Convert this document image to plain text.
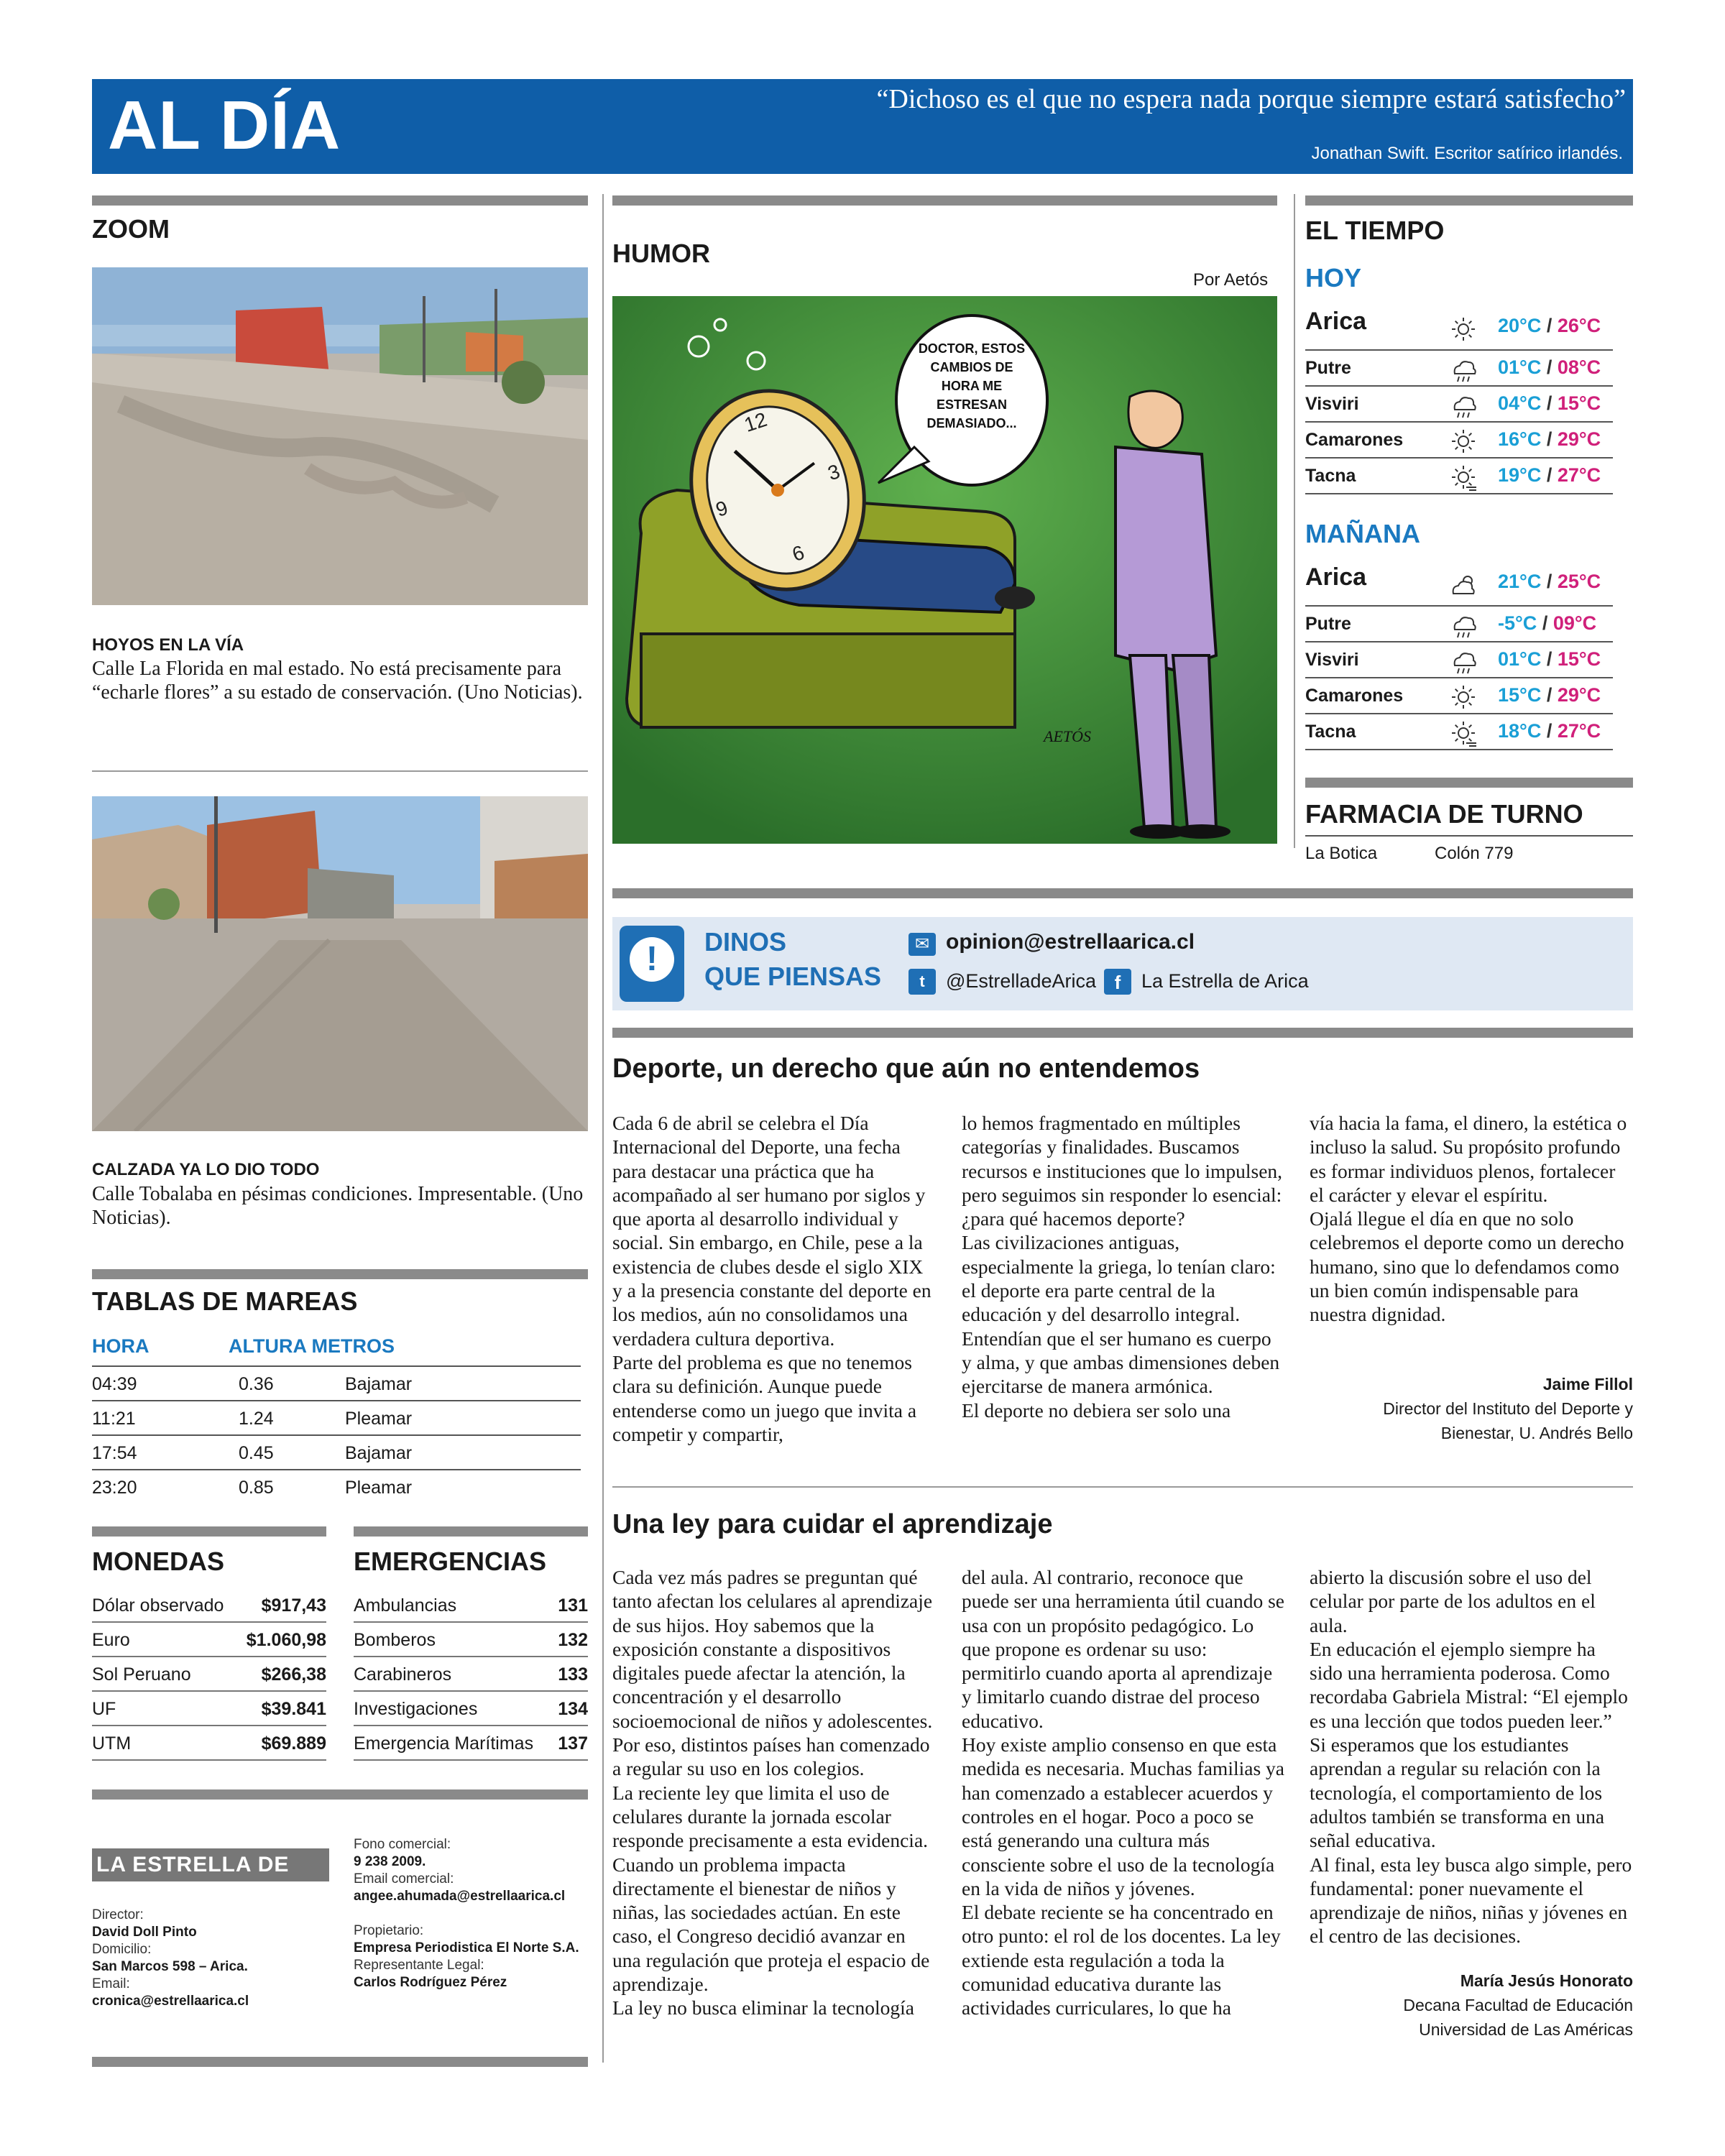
AL DÍA	“Dichoso es el que no espera nada porque siempre estará satisfecho”
Jonathan Swift. Escritor satírico irlandés.
ZOOM
HOYOS EN LA VÍA
Calle La Florida en mal estado. No está precisamente para “echarle flores” a su estado de conservación. (Uno Noticias).
CALZADA YA LO DIO TODO
Calle Tobalaba en pésimas condiciones. Impresentable. (Uno Noticias).
TABLAS DE MAREAS
HORA	ALTURA METROS
04:39	0.36	Bajamar
11:21	1.24	Pleamar
17:54	0.45	Bajamar
23:20	0.85	Pleamar
MONEDAS
Dólar observado $917,43
Euro	$1.060,98
Sol Peruano	$266,38
UF	$39.841
UTM	$69.889
EMERGENCIAS
Ambulancias	131
Bomberos	132
Carabineros	133
Investigaciones	134
Emergencia Marítimas 137
LA ESTRELLA DE ARICA
Director:
David Doll Pinto
Domicilio:
San Marcos 598 – Arica.
Email:
cronica@estrellaarica.cl
Fono comercial:
9 238 2009.
Email comercial:
angee.ahumada@estrellaarica.cl
Propietario:
Empresa Periodistica El Norte S.A.
Representante Legal:
Carlos Rodríguez Pérez
HUMOR
Por Aetós
12
3
6
9
DOCTOR, ESTOS CAMBIOS DE HORA ME ESTRESAN DEMASIADO...
AETÓS
EL TIEMPO
HOY
Arica	20°C / 26°C
Putre	01°C / 08°C
Visviri	04°C / 15°C
Camarones	16°C / 29°C
Tacna	19°C / 27°C
MAÑANA
Arica	21°C / 25°C
Putre	-5°C / 09°C
Visviri	01°C / 15°C
Camarones	15°C / 29°C
Tacna	18°C / 27°C
FARMACIA DE TURNO
La Botica	Colón 779
!	DINOS
QUE PIENSAS
✉ opinion@estrellaarica.cl
t	@EstrelladeArica f	La Estrella de Arica
Deporte, un derecho que aún no entendemos

Cada 6 de abril se celebra el Día Internacional del Deporte, una fecha para destacar una práctica que ha acompañado al ser humano por siglos y que aporta al desarrollo individual y social. Sin embargo, en Chile, pese a la existencia de clubes desde el siglo XIX y a la presencia constante del deporte en los medios, aún no consolidamos una verdadera cultura deportiva.

Parte del problema es que no tenemos clara su definición. Aunque puede entenderse como un juego que invita a competir y compartir,

lo hemos fragmentado en múltiples categorías y finalidades. Buscamos recursos e instituciones que lo impulsen, pero seguimos sin responder lo esencial: ¿para qué hacemos deporte?

Las civilizaciones antiguas, especialmente la griega, lo tenían claro: el deporte era parte central de la educación y del desarrollo integral. Entendían que el ser humano es cuerpo y alma, y que ambas dimensiones deben ejercitarse de manera armónica.

El deporte no debiera ser solo una

vía hacia la fama, el dinero, la estética o incluso la salud. Su propósito profundo es formar individuos plenos, fortalecer el carácter y elevar el espíritu.

Ojalá llegue el día en que no solo celebremos el deporte como un derecho humano, sino que lo defendamos como un bien común indispensable para nuestra dignidad.

Jaime Fillol
Director del Instituto del Deporte y
Bienestar, U. Andrés Bello
Una ley para cuidar el aprendizaje

Cada vez más padres se preguntan qué tanto afectan los celulares al aprendizaje de sus hijos. Hoy sabemos que la exposición constante a dispositivos digitales puede afectar la atención, la concentración y el desarrollo socioemocional de niños y adolescentes. Por eso, distintos países han comenzado a regular su uso en los colegios.

La reciente ley que limita el uso de celulares durante la jornada escolar responde precisamente a esta evidencia. Cuando un problema impacta directamente el bienestar de niños y niñas, las sociedades actúan. En este caso, el Congreso decidió avanzar en una regulación que proteja el espacio de aprendizaje.

La ley no busca eliminar la tecnología

del aula. Al contrario, reconoce que puede ser una herramienta útil cuando se usa con un propósito pedagógico. Lo que propone es ordenar su uso: permitirlo cuando aporta al aprendizaje y limitarlo cuando distrae del proceso educativo.

Hoy existe amplio consenso en que esta medida es necesaria. Muchas familias ya han comenzado a establecer acuerdos y controles en el hogar. Poco a poco se está generando una cultura más consciente sobre el uso de la tecnología en la vida de niños y jóvenes.

El debate reciente se ha concentrado en otro punto: el rol de los docentes. La ley extiende esta regulación a toda la comunidad educativa durante las actividades curriculares, lo que ha

abierto la discusión sobre el uso del celular por parte de los adultos en el aula.

En educación el ejemplo siempre ha sido una herramienta poderosa. Como recordaba Gabriela Mistral: “El ejemplo es una lección que todos pueden leer.” Si esperamos que los estudiantes aprendan a regular su relación con la tecnología, el comportamiento de los adultos también se transforma en una señal educativa.

Al final, esta ley busca algo simple, pero fundamental: poner nuevamente el aprendizaje de niños, niñas y jóvenes en el centro de las decisiones.

María Jesús Honorato
Decana Facultad de Educación
Universidad de Las Américas
